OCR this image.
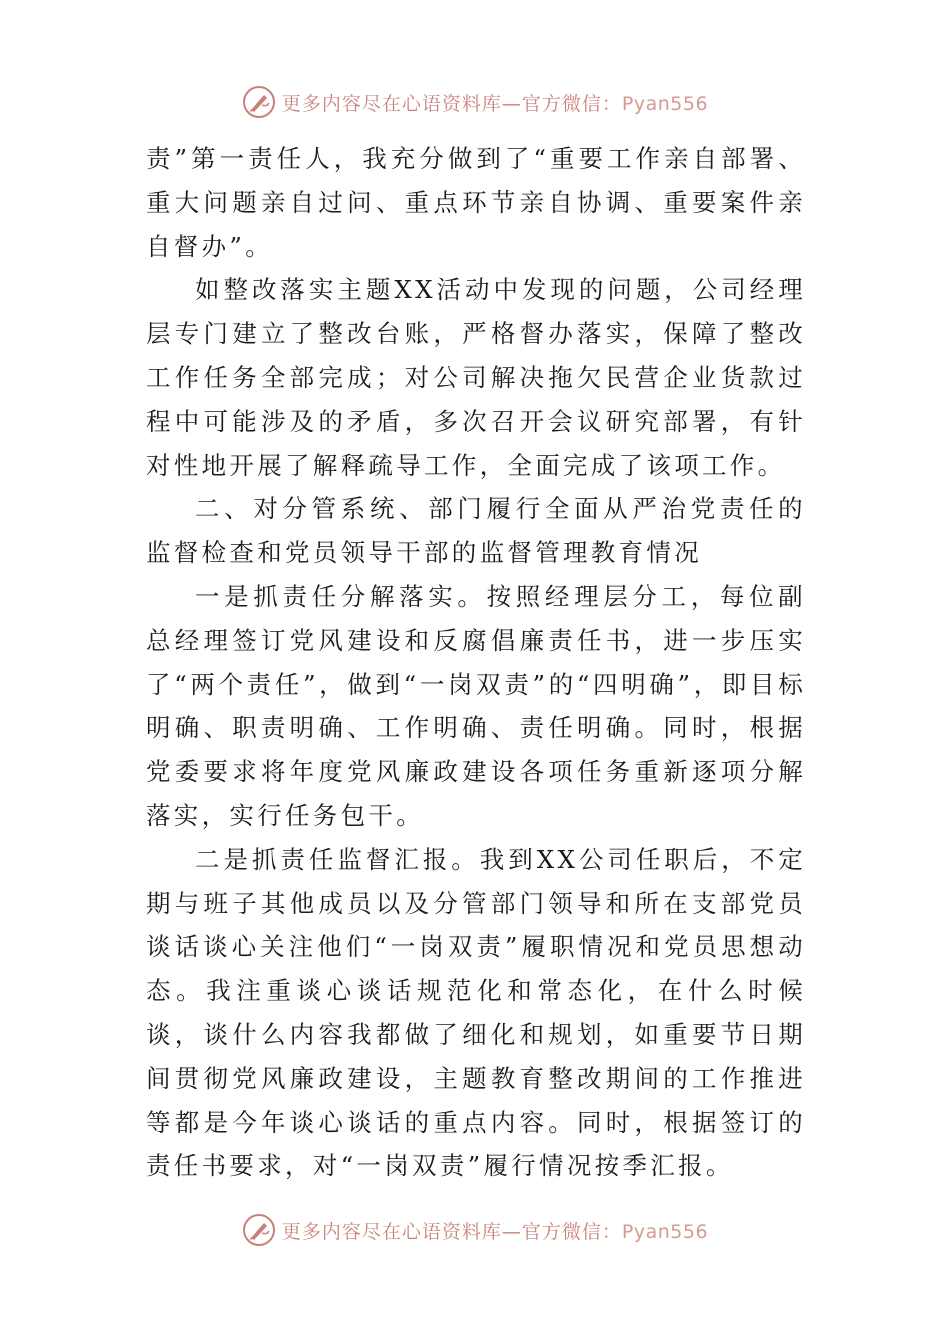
更多内容尽在心语资料库—官方微信：Pyan556

责”第一责任人，我充分做到了“重要工作亲自部署、重大问题亲自过问、重点环节亲自协调、重要案件亲自督办”。

如整改落实主题XX活动中发现的问题，公司经理层专门建立了整改台账，严格督办落实，保障了整改工作任务全部完成；对公司解决拖欠民营企业货款过程中可能涉及的矛盾，多次召开会议研究部署，有针对性地开展了解释疏导工作，全面完成了该项工作。

二、对分管系统、部门履行全面从严治党责任的监督检查和党员领导干部的监督管理教育情况

一是抓责任分解落实。按照经理层分工，每位副总经理签订党风建设和反腐倡廉责任书，进一步压实了“两个责任”，做到“一岗双责”的“四明确”，即目标明确、职责明确、工作明确、责任明确。同时，根据党委要求将年度党风廉政建设各项任务重新逐项分解落实，实行任务包干。

二是抓责任监督汇报。我到XX公司任职后，不定期与班子其他成员以及分管部门领导和所在支部党员谈话谈心关注他们“一岗双责”履职情况和党员思想动态。我注重谈心谈话规范化和常态化，在什么时候谈，谈什么内容我都做了细化和规划，如重要节日期间贯彻党风廉政建设，主题教育整改期间的工作推进等都是今年谈心谈话的重点内容。同时，根据签订的责任书要求，对“一岗双责”履行情况按季汇报。

更多内容尽在心语资料库—官方微信：Pyan556
